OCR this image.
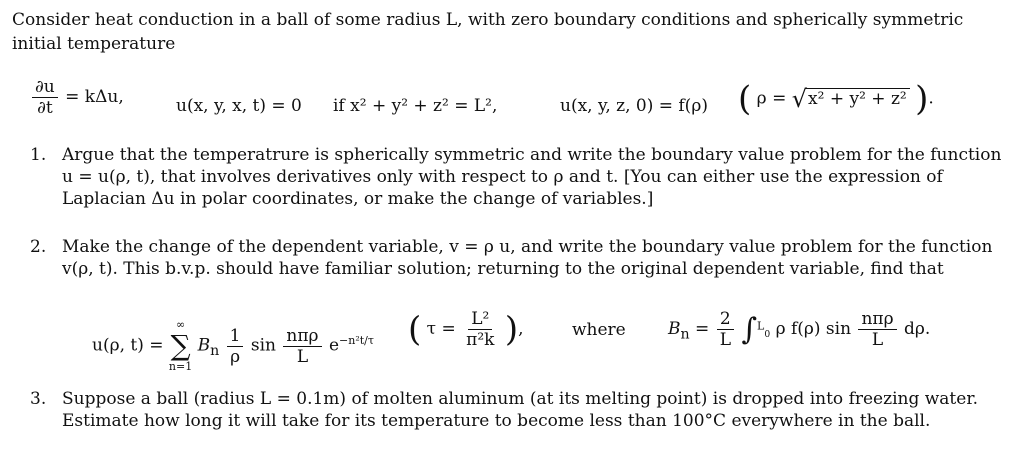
Consider heat conduction in a ball of some radius L, with zero boundary conditions and spherically symmetric
initial temperature
$\frac{\partial u}{\partial t} = k\Delta u$,	u(x, y, x, t) = 0 if x² + y² + z² = L²,	u(x, y, z, 0) = f(ρ) ( ρ = √x² + y² + z² ).
1. Argue that the temperatrure is spherically symmetric and write the boundary value problem for the function
u = u(ρ, t), that involves derivatives only with respect to ρ and t. [You can either use the expression of
Laplacian Δu in polar coordinates, or make the change of variables.]
2. Make the change of the dependent variable, v = ρ u, and write the boundary value problem for the function
v(ρ, t). This b.v.p. should have familiar solution; returning to the original dependent variable, find that
u(ρ, t) =
∞
∑
n=1
$B_n \frac{1}{\rho}$ $\sin \frac{\text{nπρ}}{L} e^{-n^2t/\tau}$ ( $\tau = \frac{\text{L²}}{\text{π²k}}$ ),	where $B_n = \frac{2}{L} \int^L_0$ ρ f(ρ) $\sin \frac{\text{nπρ}}{L} d\rho$.
3. Suppose a ball (radius L = 0.1m) of molten aluminum (at its melting point) is dropped into freezing water.
Estimate how long it will take for its temperature to become less than 100°C everywhere in the ball.
